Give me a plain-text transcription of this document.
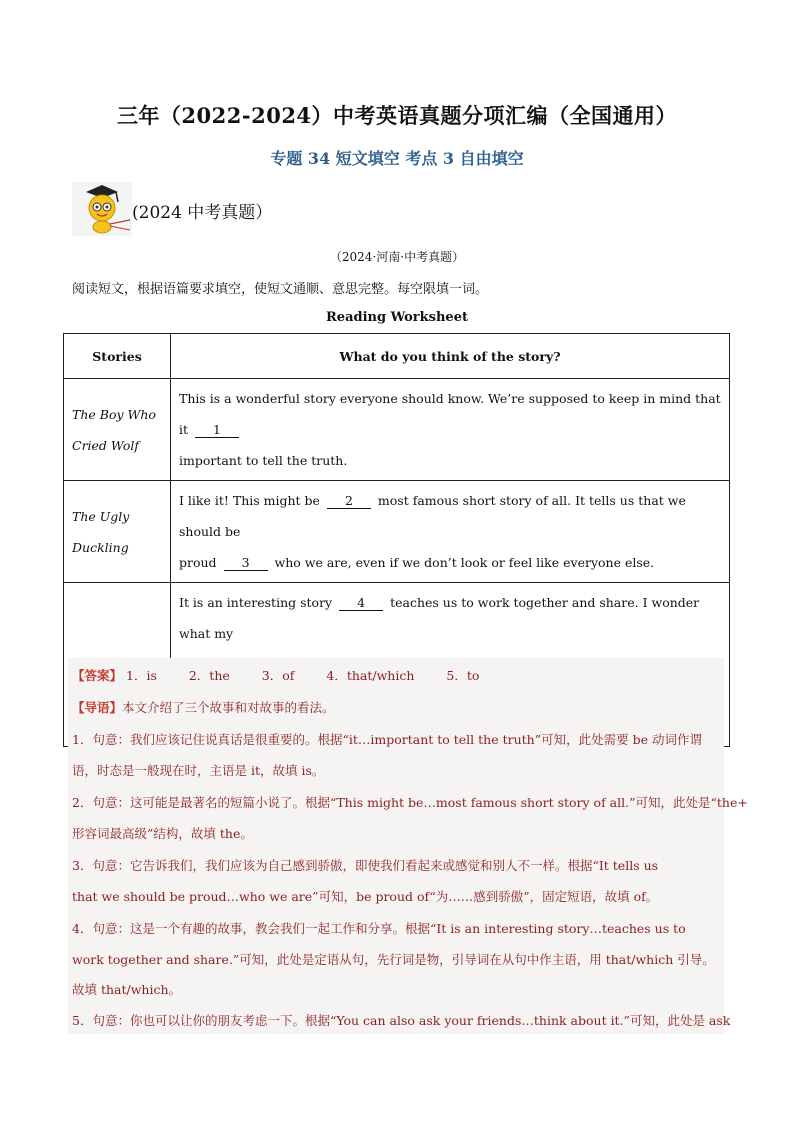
三年（2022-2024）中考英语真题分项汇编（全国通用）
专题 34 短文填空 考点 3 自由填空
(2024 中考真题）
（2024·河南·中考真题）
阅读短文，根据语篇要求填空，使短文通顺、意思完整。每空限填一词。
Reading Worksheet
Stories	What do you think of the story?
The Boy Who
Cried Wolf	This is a wonderful story everyone should know. We’re supposed to keep in mind that it 1
important to tell the truth.
The Ugly
Duckling	I like it! This might be 2 most famous short story of all. It tells us that we should be
proud 3 who we are, even if we don’t look or feel like everyone else.
	It is an interesting story 4 teaches us to work together and share. I wonder what my

【答案】 1．is	2．the	3．of	4．that/which	5．to
【导语】本文介绍了三个故事和对故事的看法。
1．句意：我们应该记住说真话是很重要的。根据“it…important to tell the truth”可知，此处需要 be 动词作谓
语，时态是一般现在时，主语是 it，故填 is。
2．句意：这可能是最著名的短篇小说了。根据“This might be…most famous short story of all.”可知，此处是“the+
形容词最高级”结构，故填 the。
3．句意：它告诉我们，我们应该为自己感到骄傲，即使我们看起来或感觉和别人不一样。根据“It tells us
that we should be proud…who we are”可知，be proud of“为……感到骄傲”，固定短语，故填 of。
4．句意：这是一个有趣的故事，教会我们一起工作和分享。根据“It is an interesting story…teaches us to
work together and share.”可知，此处是定语从句，先行词是物，引导词在从句中作主语，用 that/which 引导。
故填 that/which。
5．句意：你也可以让你的朋友考虑一下。根据“You can also ask your friends…think about it.”可知，此处是 ask
